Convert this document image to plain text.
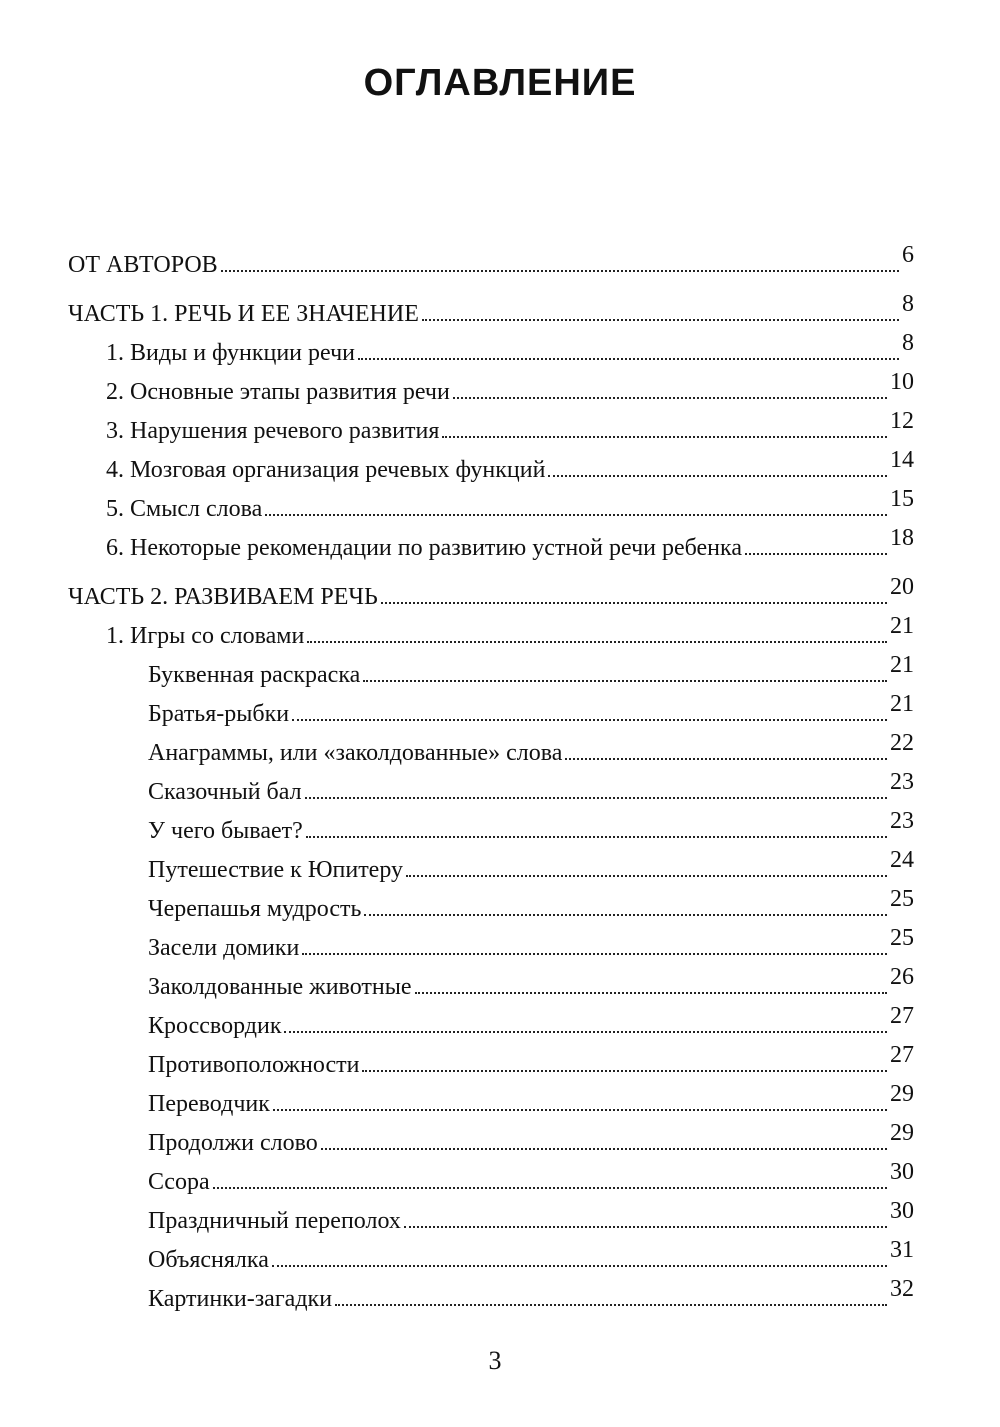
ОГЛАВЛЕНИЕ
ОТ АВТОРОВ	6
ЧАСТЬ 1. РЕЧЬ И ЕЕ ЗНАЧЕНИЕ	8
1. Виды и функции речи	8
2. Основные этапы развития речи	10
3. Нарушения речевого развития	12
4. Мозговая организация речевых функций	14
5. Смысл слова	15
6. Некоторые рекомендации по развитию устной речи ребенка	18
ЧАСТЬ 2. РАЗВИВАЕМ РЕЧЬ	20
1. Игры со словами	21
Буквенная раскраска	21
Братья-рыбки	21
Анаграммы, или «заколдованные» слова	22
Сказочный бал	23
У чего бывает?	23
Путешествие к Юпитеру	24
Черепашья мудрость	25
Засели домики	25
Заколдованные животные	26
Кроссвордик	27
Противоположности	27
Переводчик	29
Продолжи слово	29
Ссора	30
Праздничный переполох	30
Объяснялка	31
Картинки-загадки	32

3
